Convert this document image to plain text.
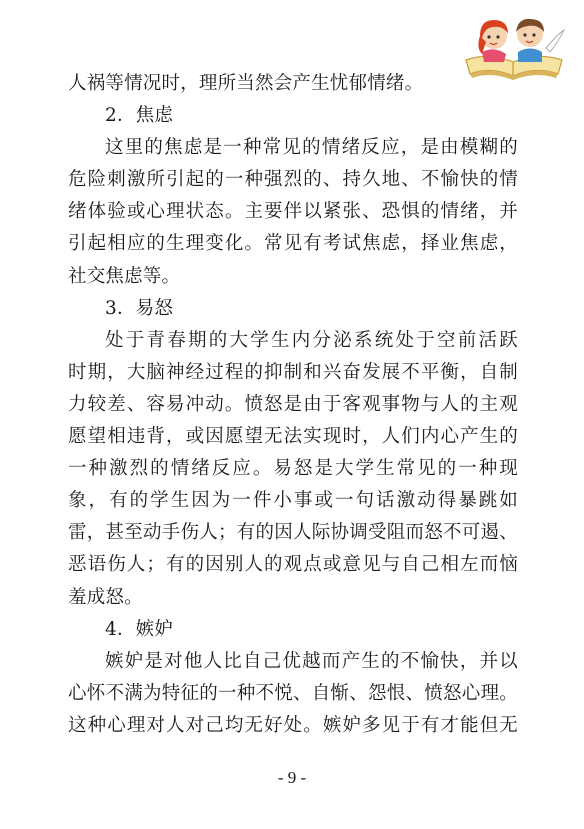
人祸等情况时，理所当然会产生忧郁情绪。
2．焦虑
这里的焦虑是一种常见的情绪反应，是由模糊的
危险刺激所引起的一种强烈的、持久地、不愉快的情
绪体验或心理状态。主要伴以紧张、恐惧的情绪，并
引起相应的生理变化。常见有考试焦虑，择业焦虑，
社交焦虑等。
3．易怒
处于青春期的大学生内分泌系统处于空前活跃
时期，大脑神经过程的抑制和兴奋发展不平衡，自制
力较差、容易冲动。愤怒是由于客观事物与人的主观
愿望相违背，或因愿望无法实现时，人们内心产生的
一种激烈的情绪反应。易怒是大学生常见的一种现
象，有的学生因为一件小事或一句话激动得暴跳如
雷，甚至动手伤人；有的因人际协调受阻而怒不可遏、
恶语伤人；有的因别人的观点或意见与自己相左而恼
羞成怒。
4．嫉妒
嫉妒是对他人比自己优越而产生的不愉快，并以
心怀不满为特征的一种不悦、自惭、怨恨、愤怒心理。
这种心理对人对己均无好处。嫉妒多见于有才能但无
- 9 -
